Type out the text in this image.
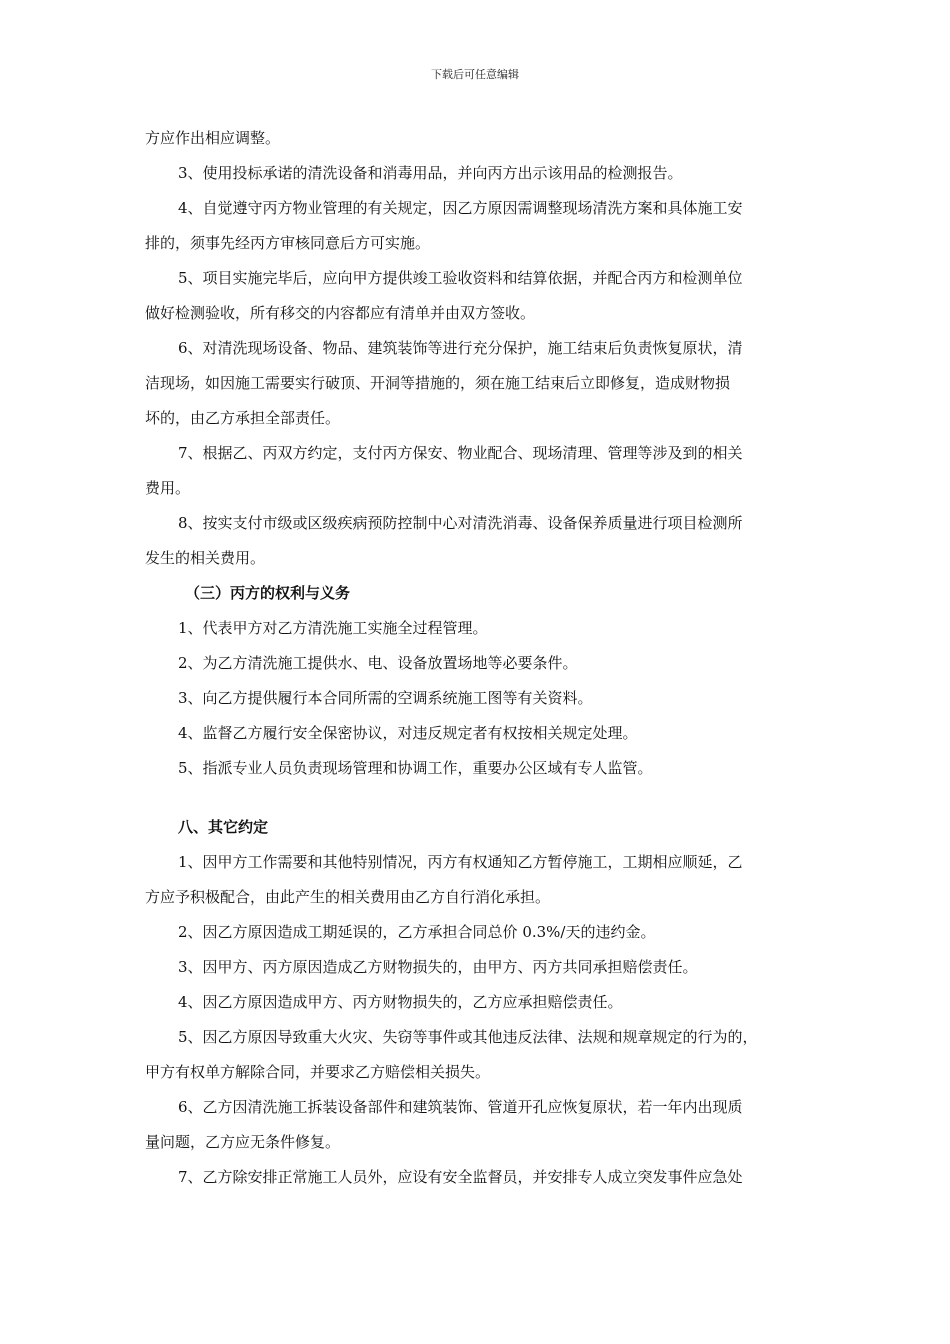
下载后可任意编辑

方应作出相应调整。

3、使用投标承诺的清洗设备和消毒用品，并向丙方出示该用品的检测报告。

4、自觉遵守丙方物业管理的有关规定，因乙方原因需调整现场清洗方案和具体施工安
排的，须事先经丙方审核同意后方可实施。

5、项目实施完毕后，应向甲方提供竣工验收资料和结算依据，并配合丙方和检测单位
做好检测验收，所有移交的内容都应有清单并由双方签收。

6、对清洗现场设备、物品、建筑装饰等进行充分保护，施工结束后负责恢复原状，清
洁现场，如因施工需要实行破顶、开洞等措施的，须在施工结束后立即修复，造成财物损
坏的，由乙方承担全部责任。

7、根据乙、丙双方约定，支付丙方保安、物业配合、现场清理、管理等涉及到的相关
费用。

8、按实支付市级或区级疾病预防控制中心对清洗消毒、设备保养质量进行项目检测所
发生的相关费用。

（三）丙方的权利与义务

1、代表甲方对乙方清洗施工实施全过程管理。

2、为乙方清洗施工提供水、电、设备放置场地等必要条件。

3、向乙方提供履行本合同所需的空调系统施工图等有关资料。

4、监督乙方履行安全保密协议，对违反规定者有权按相关规定处理。

5、指派专业人员负责现场管理和协调工作，重要办公区域有专人监管。

八、其它约定

1、因甲方工作需要和其他特别情况，丙方有权通知乙方暂停施工，工期相应顺延，乙
方应予积极配合，由此产生的相关费用由乙方自行消化承担。

2、因乙方原因造成工期延误的，乙方承担合同总价 0.3%/天的违约金。

3、因甲方、丙方原因造成乙方财物损失的，由甲方、丙方共同承担赔偿责任。

4、因乙方原因造成甲方、丙方财物损失的，乙方应承担赔偿责任。

5、因乙方原因导致重大火灾、失窃等事件或其他违反法律、法规和规章规定的行为的，
甲方有权单方解除合同，并要求乙方赔偿相关损失。

6、乙方因清洗施工拆装设备部件和建筑装饰、管道开孔应恢复原状，若一年内出现质
量问题，乙方应无条件修复。

7、乙方除安排正常施工人员外，应设有安全监督员，并安排专人成立突发事件应急处
